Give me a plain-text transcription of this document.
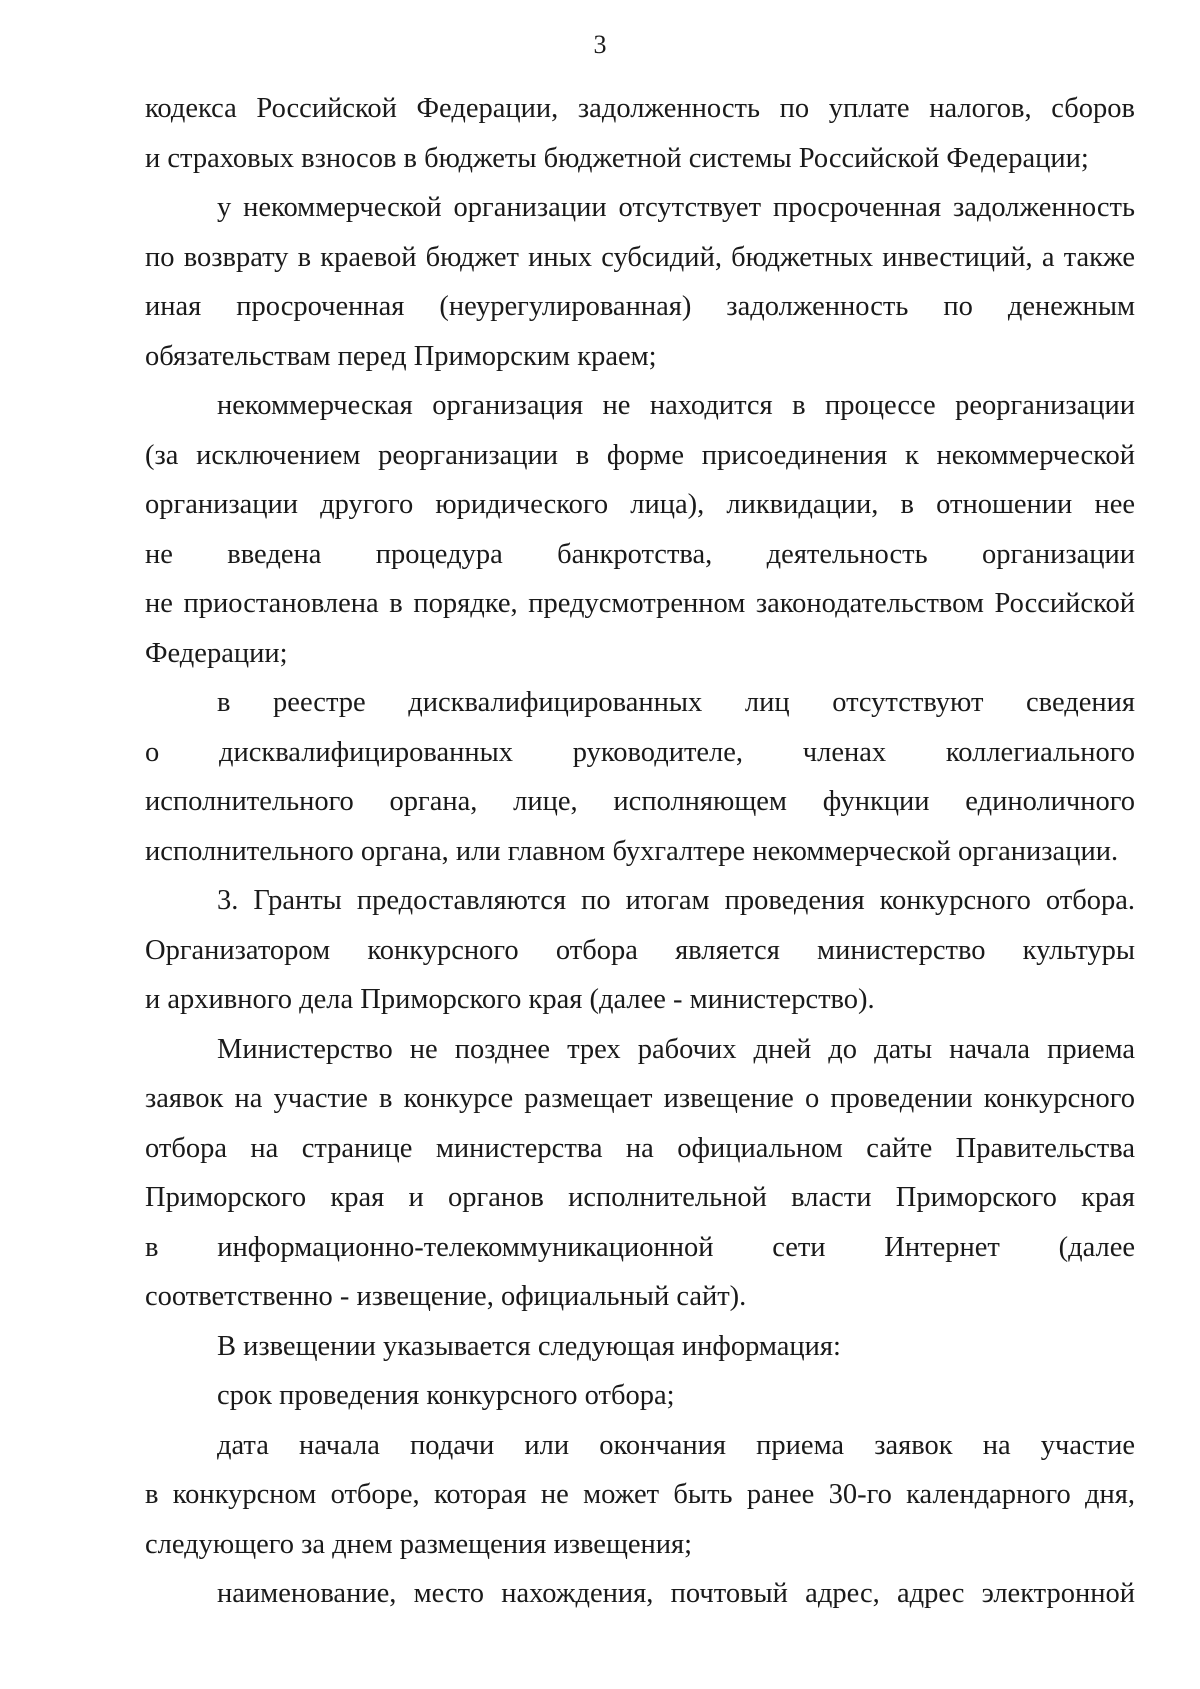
3
кодекса Российской Федерации, задолженность по уплате налогов, сборов
и страховых взносов в бюджеты бюджетной системы Российской Федерации;
у некоммерческой организации отсутствует просроченная задолженность
по возврату в краевой бюджет иных субсидий, бюджетных инвестиций, а также
иная просроченная (неурегулированная) задолженность по денежным
обязательствам перед Приморским краем;
некоммерческая организация не находится в процессе реорганизации
(за исключением реорганизации в форме присоединения к некоммерческой
организации другого юридического лица), ликвидации, в отношении нее
не введена процедура банкротства, деятельность организации
не приостановлена в порядке, предусмотренном законодательством Российской
Федерации;
в реестре дисквалифицированных лиц отсутствуют сведения
о дисквалифицированных руководителе, членах коллегиального
исполнительного органа, лице, исполняющем функции единоличного
исполнительного органа, или главном бухгалтере некоммерческой организации.
3. Гранты предоставляются по итогам проведения конкурсного отбора.
Организатором конкурсного отбора является министерство культуры
и архивного дела Приморского края (далее - министерство).
Министерство не позднее трех рабочих дней до даты начала приема
заявок на участие в конкурсе размещает извещение о проведении конкурсного
отбора на странице министерства на официальном сайте Правительства
Приморского края и органов исполнительной власти Приморского края
в информационно-телекоммуникационной сети Интернет (далее
соответственно - извещение, официальный сайт).
В извещении указывается следующая информация:
срок проведения конкурсного отбора;
дата начала подачи или окончания приема заявок на участие
в конкурсном отборе, которая не может быть ранее 30-го календарного дня,
следующего за днем размещения извещения;
наименование, место нахождения, почтовый адрес, адрес электронной
